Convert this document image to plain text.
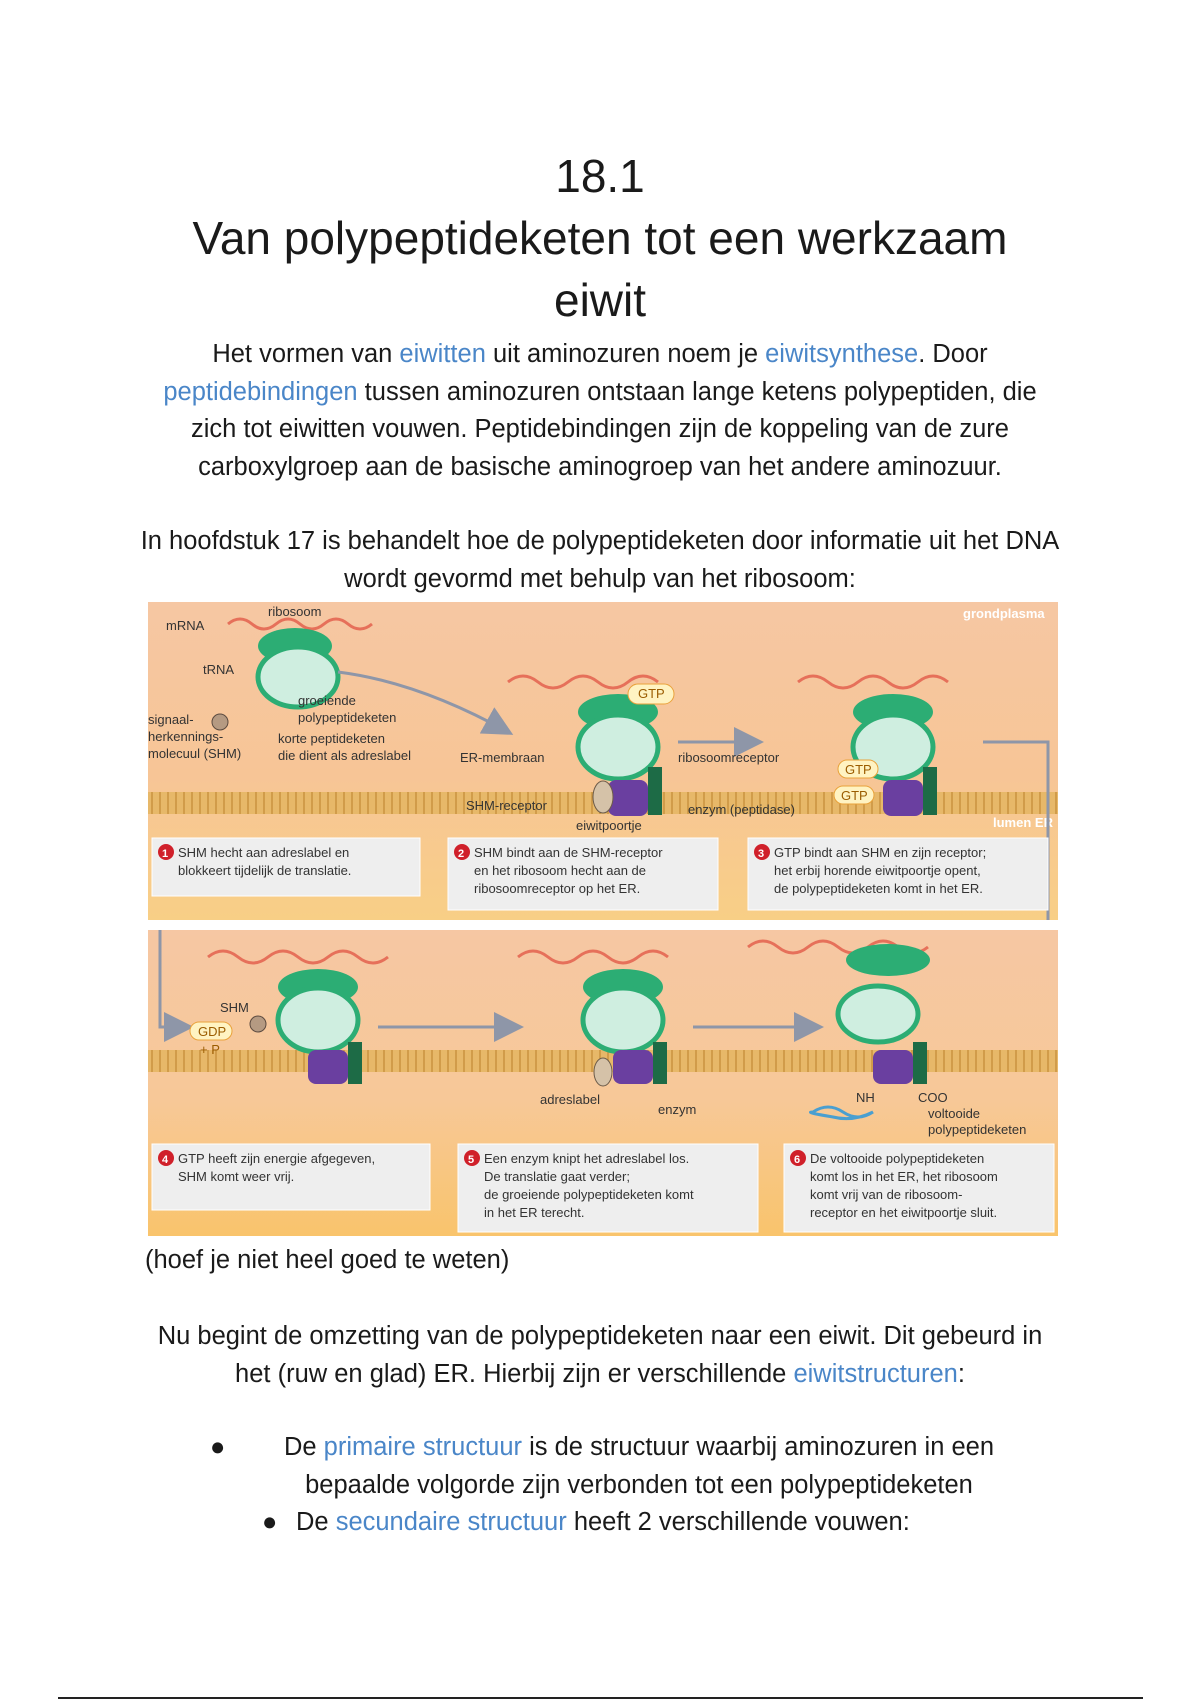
18.1
Van polypeptideketen tot een werkzaam
eiwit
Het vormen van eiwitten uit aminozuren noem je eiwitsynthese. Door peptidebindingen tussen aminozuren ontstaan lange ketens polypeptiden, die zich tot eiwitten vouwen. Peptidebindingen zijn de koppeling van de zure carboxylgroep aan de basische aminogroep van het andere aminozuur.
In hoofdstuk 17 is behandelt hoe de polypeptideketen door informatie uit het DNA wordt gevormd met behulp van het ribosoom:
grondplasma
lumen ER
mRNA
ribosoom
tRNA
groeiende
polypeptideketen
signaal-
herkennings-
molecuul (SHM)
korte peptideketen
die dient als adreslabel	ER-membraan
GTP
ribosoomreceptor
SHM-receptor
eiwitpoortje
enzym (peptidase)
GTP
GTP
1 SHM hecht aan adreslabel en
blokkeert tijdelijk de translatie.
2 SHM bindt aan de SHM-receptor
en het ribosoom hecht aan de
ribosoomreceptor op het ER.
3 GTP bindt aan SHM en zijn receptor;
het erbij horende eiwitpoortje opent,
de polypeptideketen komt in het ER.
SHM
GDP
+ P
adreslabel
enzym
NH	COO
voltooide
polypeptideketen
4 GTP heeft zijn energie afgegeven,
SHM komt weer vrij.
5 Een enzym knipt het adreslabel los.
De translatie gaat verder;
de groeiende polypeptideketen komt
in het ER terecht.
6 De voltooide polypeptideketen
komt los in het ER, het ribosoom
komt vrij van de ribosoom-
receptor en het eiwitpoortje sluit.
(hoef je niet heel goed te weten)
Nu begint de omzetting van de polypeptideketen naar een eiwit. Dit gebeurd in het (ruw en glad) ER. Hierbij zijn er verschillende eiwitstructuren:
●	De primaire structuur is de structuur waarbij aminozuren in een bepaalde volgorde zijn verbonden tot een polypeptideketen
● De secundaire structuur heeft 2 verschillende vouwen:
